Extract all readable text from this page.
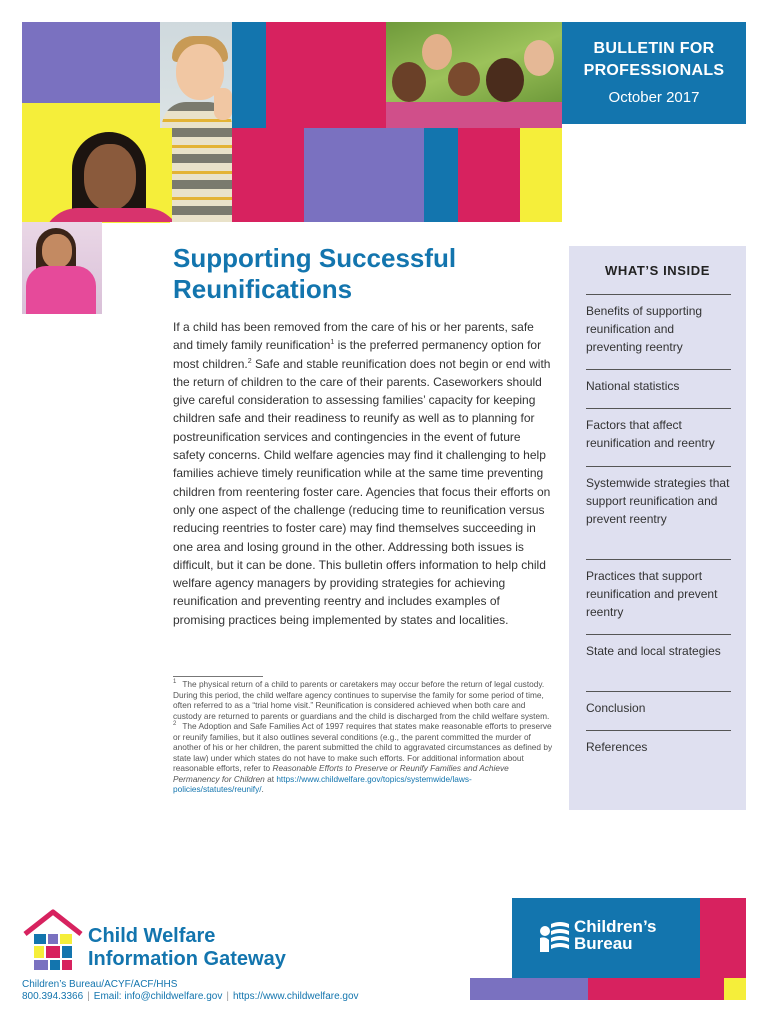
BULLETIN FOR
PROFESSIONALS
October 2017
Supporting Successful
Reunifications
If a child has been removed from the care of his or her parents, safe and timely family reunification$^1$ is the preferred permanency option for most children.$^2$ Safe and stable reunification does not begin or end with the return of children to the care of their parents. Caseworkers should give careful consideration to assessing families’ capacity for keeping children safe and their readiness to reunify as well as to planning for postreunification services and contingencies in the event of future safety concerns. Child welfare agencies may find it challenging to help families achieve timely reunification while at the same time preventing children from reentering foster care. Agencies that focus their efforts on only one aspect of the challenge (reducing time to reunification versus reducing reentries to foster care) may find themselves succeeding in one area and losing ground in the other. Addressing both issues is difficult, but it can be done. This bulletin offers information to help child welfare agency managers by providing strategies for achieving reunification and preventing reentry and includes examples of promising practices being implemented by states and localities.
$^1$ The physical return of a child to parents or caretakers may occur before the return of legal custody. During this period, the child welfare agency continues to supervise the family for some period of time, often referred to as a “trial home visit.” Reunification is considered achieved when both care and custody are returned to parents or guardians and the child is discharged from the child welfare system.
$^2$ The Adoption and Safe Families Act of 1997 requires that states make reasonable efforts to preserve or reunify families, but it also outlines several conditions (e.g., the parent committed the murder of another of his or her children, the parent submitted the child to aggravated circumstances as defined by state law) under which states do not have to make such efforts. For additional information about reasonable efforts, refer to Reasonable Efforts to Preserve or Reunify Families and Achieve Permanency for Children at https://www.childwelfare.gov/topics/systemwide/laws-policies/statutes/reunify/.
WHAT’S INSIDE
Benefits of supporting reunification and preventing reentry
National statistics
Factors that affect reunification and reentry
Systemwide strategies that support reunification and prevent reentry
Practices that support reunification and prevent reentry
State and local strategies
Conclusion
References
Child Welfare
Information Gateway
Children’s Bureau/ACYF/ACF/HHS
800.394.3366 | Email: info@childwelfare.gov | https://www.childwelfare.gov
Children’s
Bureau
